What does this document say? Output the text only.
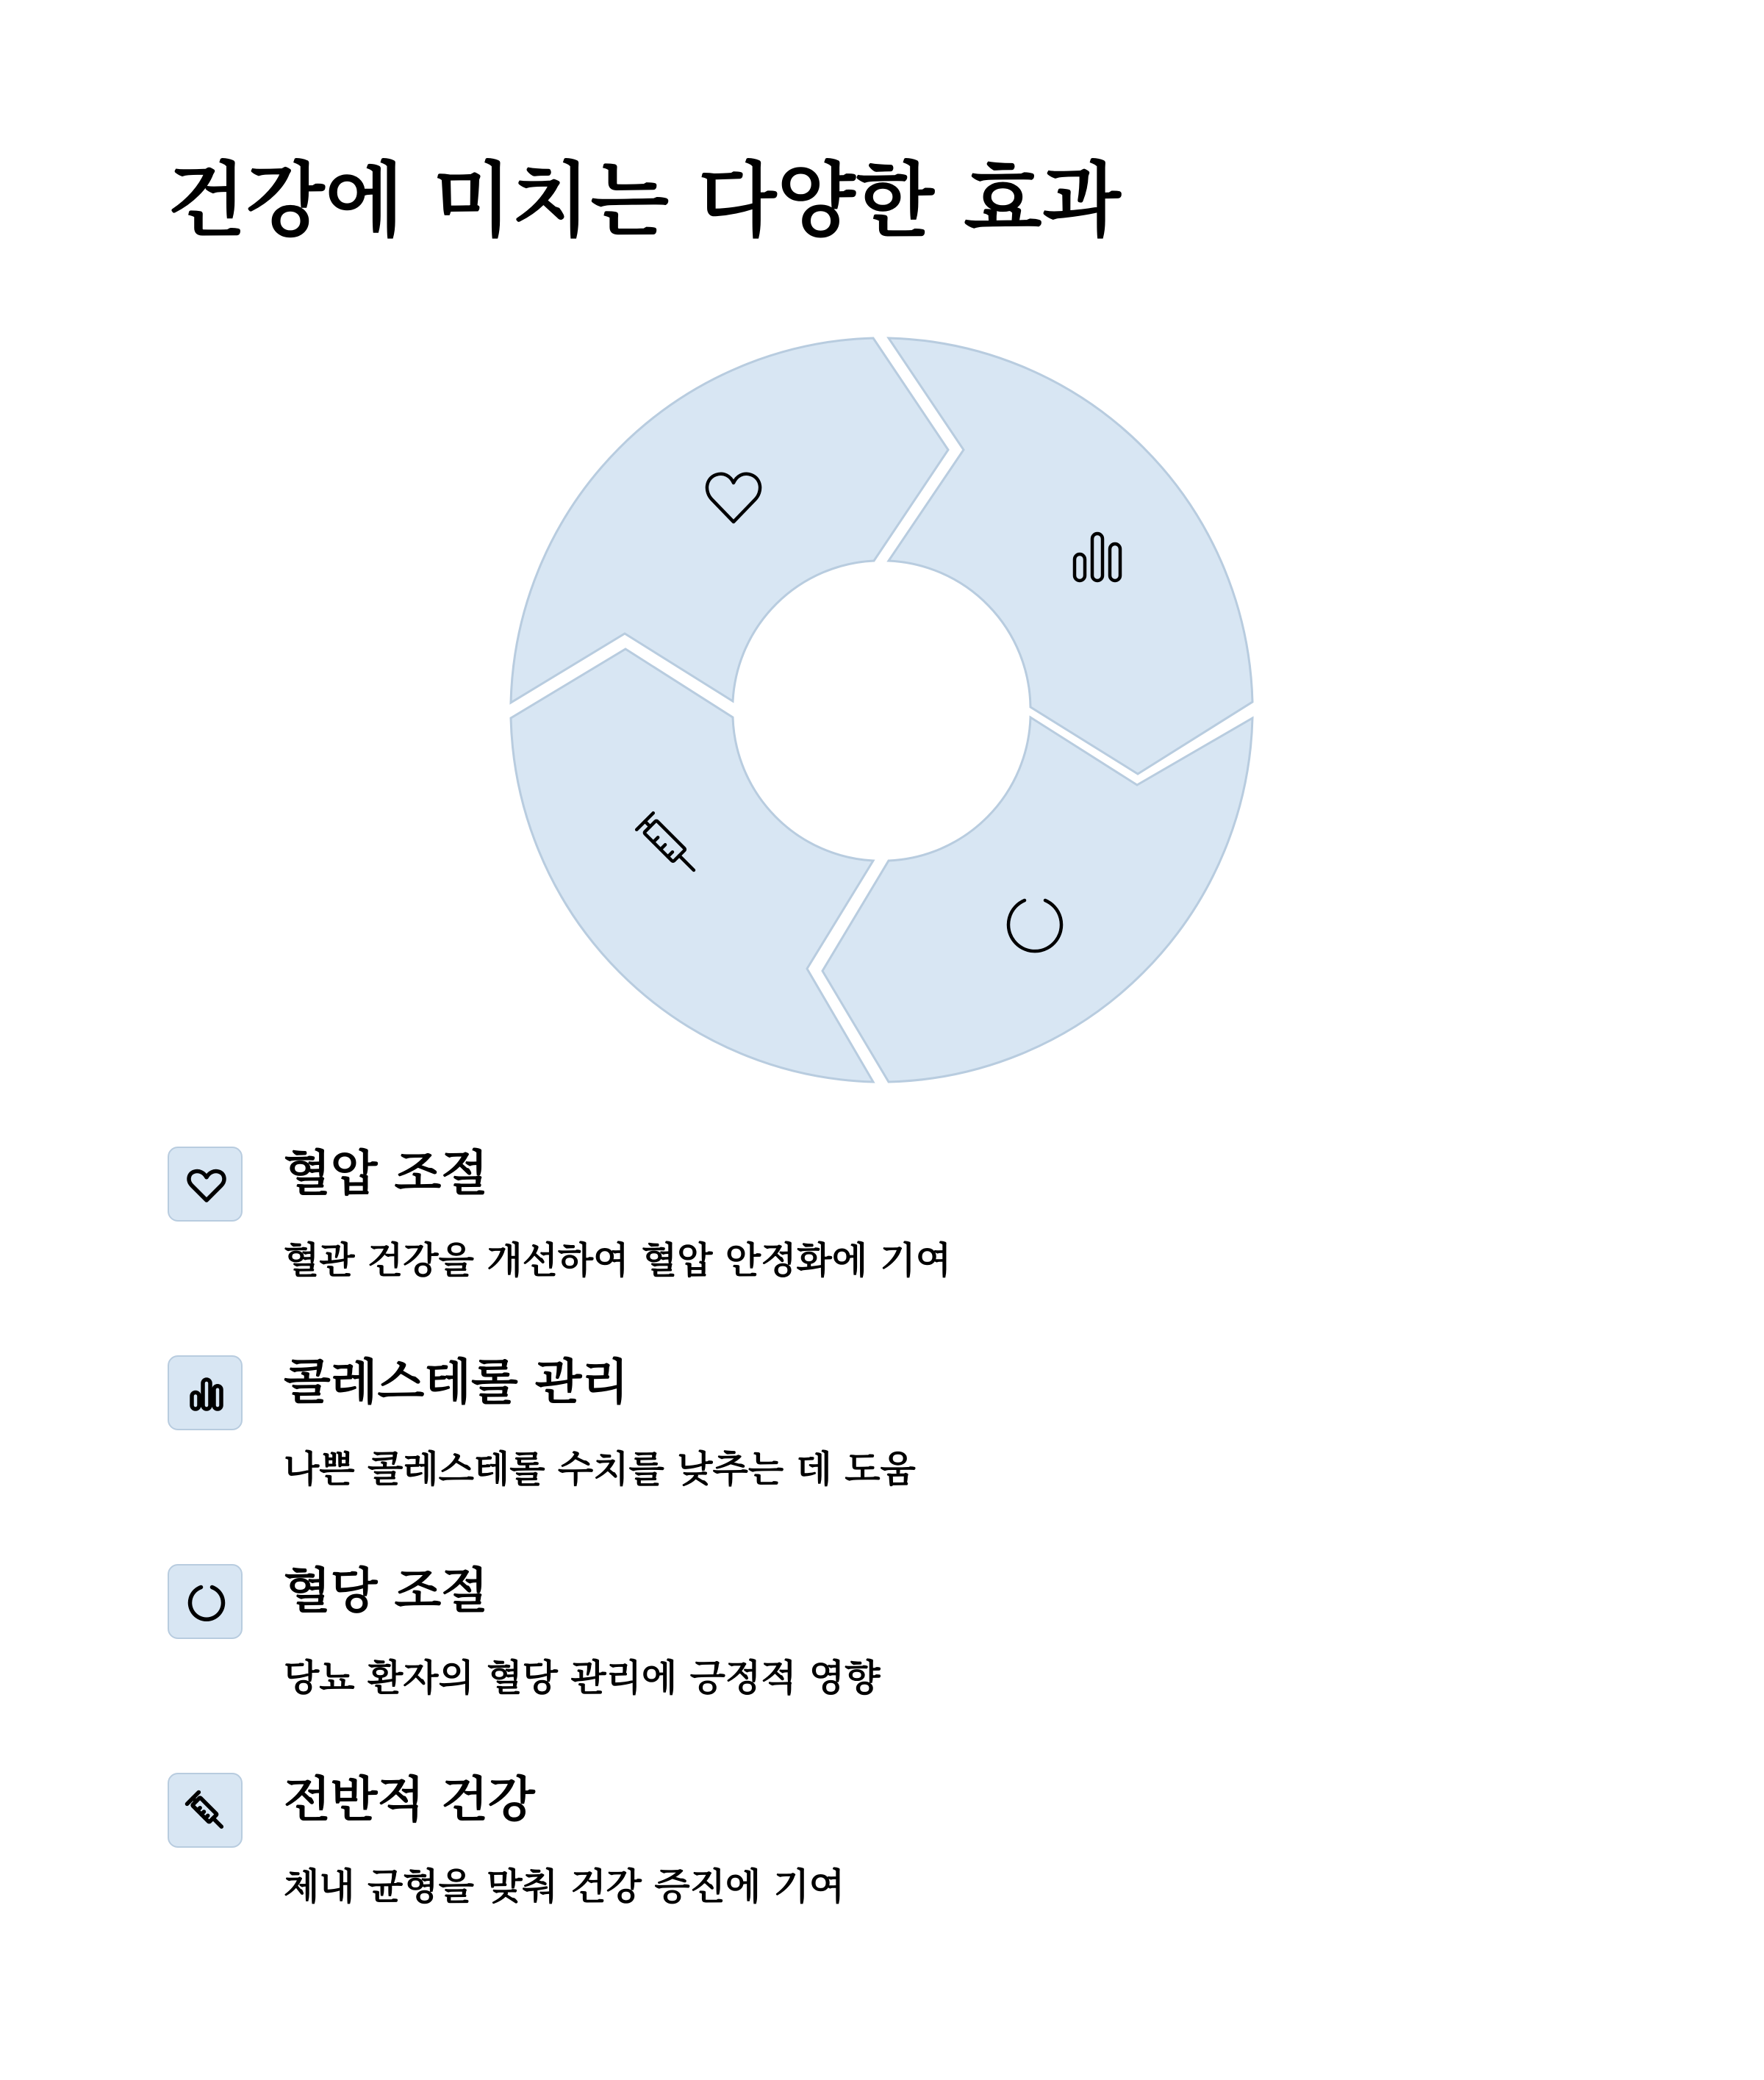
건강에 미치는 다양한 효과
혈압 조절

혈관 건강을 개선하여 혈압 안정화에 기여

콜레스테롤 관리

나쁜 콜레스테롤 수치를 낮추는 데 도움

혈당 조절

당뇨 환자의 혈당 관리에 긍정적 영향

전반적 건강

체내 균형을 맞춰 건강 증진에 기여
